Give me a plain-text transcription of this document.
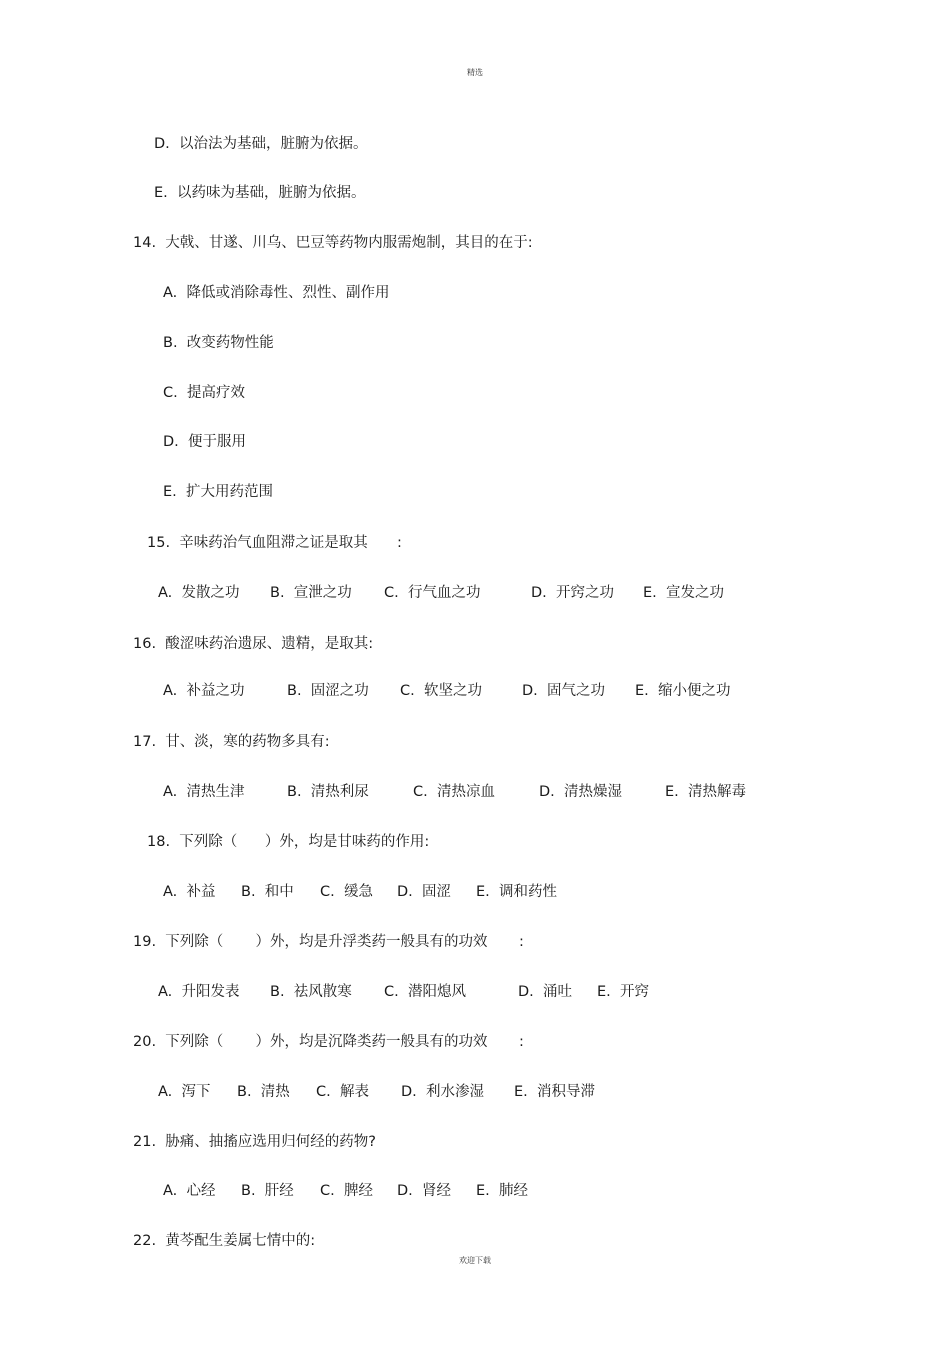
精选
D.  以治法为基础，脏腑为依据。
E.  以药味为基础，脏腑为依据。
14.  大戟、甘遂、川乌、巴豆等药物内服需炮制，其目的在于:
A.  降低或消除毒性、烈性、副作用
B.  改变药物性能
C.  提高疗效
D.  便于服用
E.  扩大用药范围
15.  辛味药治气血阻滞之证是取其 :
A.  发散之功 B.  宣泄之功 C.  行气血之功	D.  开窍之功 E.  宣发之功
16.  酸涩味药治遗尿、遗精，是取其:
A.  补益之功	B.  固涩之功 C.  软坚之功	D.  固气之功 E.  缩小便之功
17.  甘、淡，寒的药物多具有:
A.  清热生津	B.  清热利尿	C.  清热凉血	D.  清热燥湿	E.  清热解毒
18.  下列除（      ）外，均是甘味药的作用:
A.  补益 B.  和中 C.  缓急 D.  固涩 E.  调和药性
19.  下列除（       ）外，均是升浮类药一般具有的功效 :
A.  升阳发表 B.  祛风散寒 C.  潜阳熄风	D.  涌吐 E.  开窍
20.  下列除（       ）外，均是沉降类药一般具有的功效 :
A.  泻下 B.  清热 C.  解表 D.  利水渗湿 E.  消积导滞
21.  胁痛、抽搐应选用归何经的药物?
A.  心经 B.  肝经 C.  脾经 D.  肾经 E.  肺经
22.  黄芩配生姜属七情中的:
欢迎下载
